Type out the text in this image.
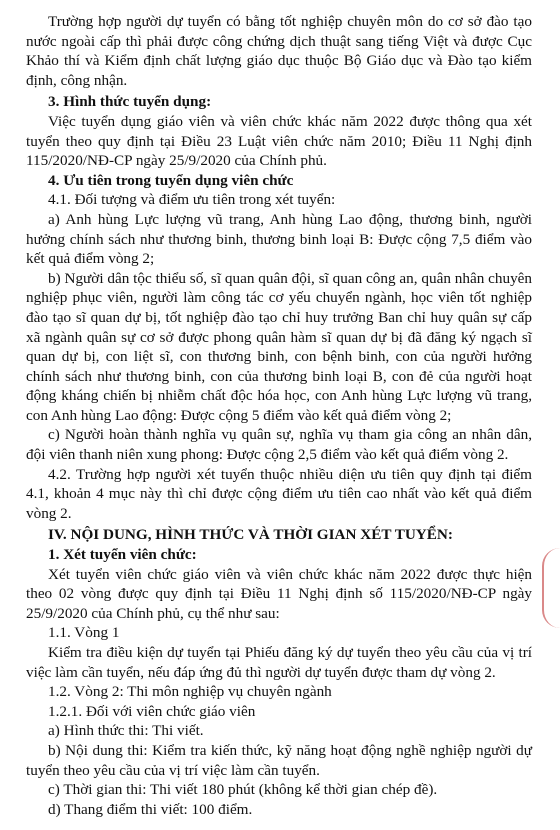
Trường hợp người dự tuyển có bằng tốt nghiệp chuyên môn do cơ sở đào tạo nước ngoài cấp thì phải được công chứng dịch thuật sang tiếng Việt và được Cục Khảo thí và Kiểm định chất lượng giáo dục thuộc Bộ Giáo dục và Đào tạo kiểm định, công nhận.

3. Hình thức tuyển dụng:

Việc tuyển dụng giáo viên và viên chức khác năm 2022 được thông qua xét tuyển theo quy định tại Điều 23 Luật viên chức năm 2010; Điều 11 Nghị định 115/2020/NĐ-CP ngày 25/9/2020 của Chính phủ.

4. Ưu tiên trong tuyển dụng viên chức

4.1. Đối tượng và điểm ưu tiên trong xét tuyển:

a) Anh hùng Lực lượng vũ trang, Anh hùng Lao động, thương binh, người hưởng chính sách như thương binh, thương binh loại B: Được cộng 7,5 điểm vào kết quả điểm vòng 2;

b) Người dân tộc thiểu số, sĩ quan quân đội, sĩ quan công an, quân nhân chuyên nghiệp phục viên, người làm công tác cơ yếu chuyển ngành, học viên tốt nghiệp đào tạo sĩ quan dự bị, tốt nghiệp đào tạo chỉ huy trưởng Ban chỉ huy quân sự cấp xã ngành quân sự cơ sở được phong quân hàm sĩ quan dự bị đã đăng ký ngạch sĩ quan dự bị, con liệt sĩ, con thương binh, con bệnh binh, con của người hưởng chính sách như thương binh, con của thương binh loại B, con đẻ của người hoạt động kháng chiến bị nhiễm chất độc hóa học, con Anh hùng Lực lượng vũ trang, con Anh hùng Lao động: Được cộng 5 điểm vào kết quả điểm vòng 2;

c) Người hoàn thành nghĩa vụ quân sự, nghĩa vụ tham gia công an nhân dân, đội viên thanh niên xung phong: Được cộng 2,5 điểm vào kết quả điểm vòng 2.

4.2. Trường hợp người xét tuyển thuộc nhiều diện ưu tiên quy định tại điểm 4.1, khoản 4 mục này thì chỉ được cộng điểm ưu tiên cao nhất vào kết quả điểm vòng 2.

IV. NỘI DUNG, HÌNH THỨC VÀ THỜI GIAN XÉT TUYỂN:

1. Xét tuyển viên chức:

Xét tuyển viên chức giáo viên và viên chức khác năm 2022 được thực hiện theo 02 vòng được quy định tại Điều 11 Nghị định số 115/2020/NĐ-CP ngày 25/9/2020 của Chính phủ, cụ thể như sau:

1.1. Vòng 1

Kiểm tra điều kiện dự tuyển tại Phiếu đăng ký dự tuyển theo yêu cầu của vị trí việc làm cần tuyển, nếu đáp ứng đủ thì người dự tuyển được tham dự vòng 2.

1.2. Vòng 2: Thi môn nghiệp vụ chuyên ngành

1.2.1. Đối với viên chức giáo viên

a) Hình thức thi: Thi viết.

b) Nội dung thi: Kiểm tra kiến thức, kỹ năng hoạt động nghề nghiệp người dự tuyển theo yêu cầu của vị trí việc làm cần tuyển.

c) Thời gian thi: Thi viết 180 phút (không kể thời gian chép đề).

d) Thang điểm thi viết: 100 điểm.
